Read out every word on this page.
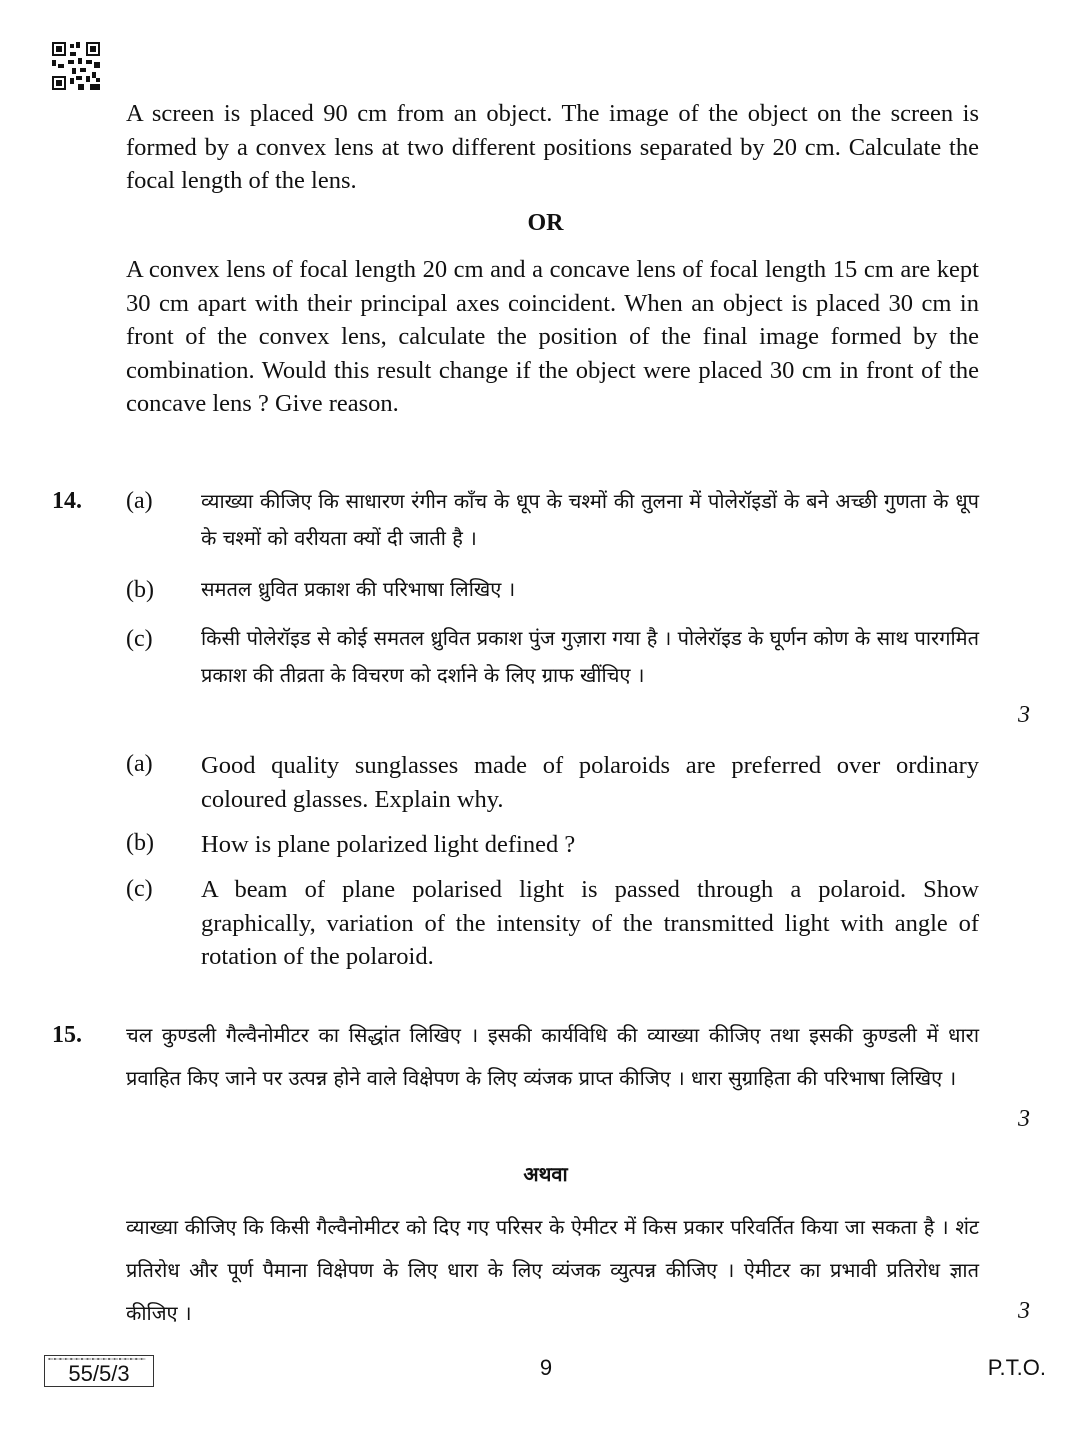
A screen is placed 90 cm from an object. The image of the object on the screen is formed by a convex lens at two different positions separated by 20 cm. Calculate the focal length of the lens.
OR
A convex lens of focal length 20 cm and a concave lens of focal length 15 cm are kept 30 cm apart with their principal axes coincident. When an object is placed 30 cm in front of the convex lens, calculate the position of the final image formed by the combination. Would this result change if the object were placed 30 cm in front of the concave lens ? Give reason.
14. (a)	व्याख्या कीजिए कि साधारण रंगीन काँच के धूप के चश्मों की तुलना में पोलेरॉइडों के बने अच्छी गुणता के धूप के चश्मों को वरीयता क्यों दी जाती है ।
(b)	समतल ध्रुवित प्रकाश की परिभाषा लिखिए ।
(c)	किसी पोलेरॉइड से कोई समतल ध्रुवित प्रकाश पुंज गुज़ारा गया है । पोलेरॉइड के घूर्णन कोण के साथ पारगमित प्रकाश की तीव्रता के विचरण को दर्शाने के लिए ग्राफ खींचिए ।
3
(a)	Good quality sunglasses made of polaroids are preferred over ordinary coloured glasses. Explain why.
(b)	How is plane polarized light defined ?
(c)	A beam of plane polarised light is passed through a polaroid. Show graphically, variation of the intensity of the transmitted light with angle of rotation of the polaroid.
15. चल कुण्डली गैल्वैनोमीटर का सिद्धांत लिखिए । इसकी कार्यविधि की व्याख्या कीजिए तथा इसकी कुण्डली में धारा प्रवाहित किए जाने पर उत्पन्न होने वाले विक्षेपण के लिए व्यंजक प्राप्त कीजिए । धारा सुग्राहिता की परिभाषा लिखिए ।
3
अथवा
व्याख्या कीजिए कि किसी गैल्वैनोमीटर को दिए गए परिसर के ऐमीटर में किस प्रकार परिवर्तित किया जा सकता है । शंट प्रतिरोध और पूर्ण पैमाना विक्षेपण के लिए धारा के लिए व्यंजक व्युत्पन्न कीजिए । ऐमीटर का प्रभावी प्रतिरोध ज्ञात कीजिए ।	3
▪▫▪▫▪▫▪▫▪▫▪▫▪▫▪▫▪▫▪▫▪▫▪▫▪▫▪▫▪▫▪▫▪▫▪▫
55/5/3	9	P.T.O.
